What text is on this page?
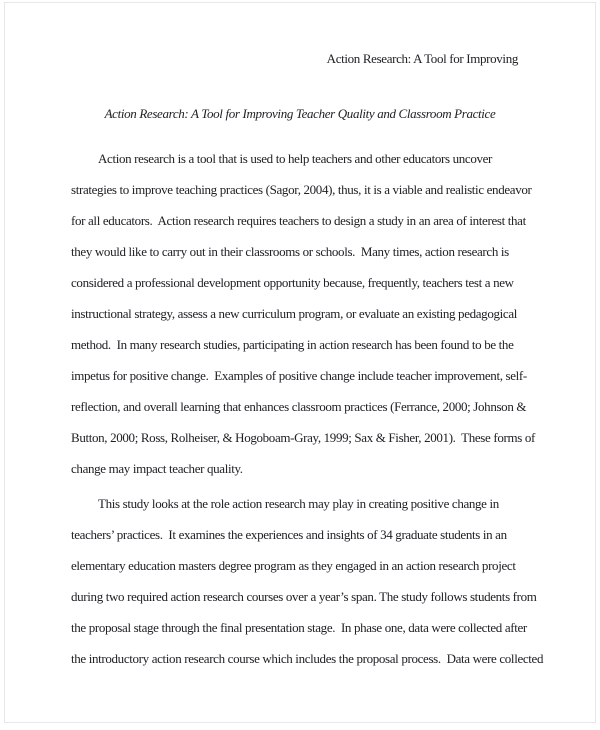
Action Research: A Tool for Improving
Action Research: A Tool for Improving Teacher Quality and Classroom Practice
Action research is a tool that is used to help teachers and other educators uncover
strategies to improve teaching practices (Sagor, 2004), thus, it is a viable and realistic endeavor
for all educators.  Action research requires teachers to design a study in an area of interest that
they would like to carry out in their classrooms or schools.  Many times, action research is
considered a professional development opportunity because, frequently, teachers test a new
instructional strategy, assess a new curriculum program, or evaluate an existing pedagogical
method.  In many research studies, participating in action research has been found to be the
impetus for positive change.  Examples of positive change include teacher improvement, self-
reflection, and overall learning that enhances classroom practices (Ferrance, 2000; Johnson &
Button, 2000; Ross, Rolheiser, & Hogoboam-Gray, 1999; Sax & Fisher, 2001).  These forms of
change may impact teacher quality.
This study looks at the role action research may play in creating positive change in
teachers’ practices.  It examines the experiences and insights of 34 graduate students in an
elementary education masters degree program as they engaged in an action research project
during two required action research courses over a year’s span. The study follows students from
the proposal stage through the final presentation stage.  In phase one, data were collected after
the introductory action research course which includes the proposal process.  Data were collected
